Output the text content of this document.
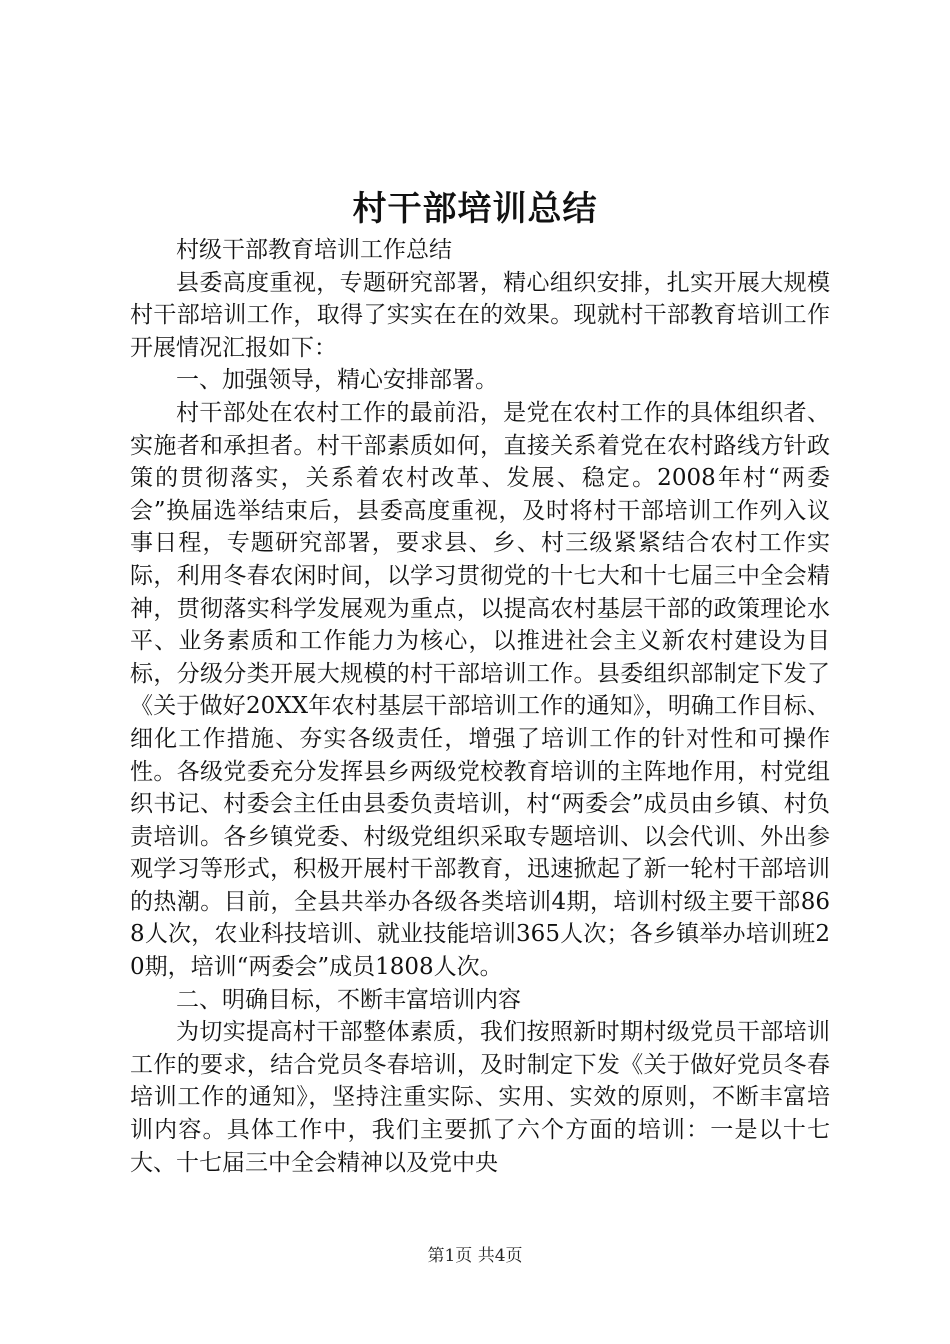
村干部培训总结

村级干部教育培训工作总结

县委高度重视，专题研究部署，精心组织安排，扎实开展大规模村干部培训工作，取得了实实在在的效果。现就村干部教育培训工作开展情况汇报如下：

一、加强领导，精心安排部署。

村干部处在农村工作的最前沿，是党在农村工作的具体组织者、实施者和承担者。村干部素质如何，直接关系着党在农村路线方针政策的贯彻落实，关系着农村改革、发展、稳定。2008年村“两委会”换届选举结束后，县委高度重视，及时将村干部培训工作列入议事日程，专题研究部署，要求县、乡、村三级紧紧结合农村工作实际，利用冬春农闲时间，以学习贯彻党的十七大和十七届三中全会精神，贯彻落实科学发展观为重点，以提高农村基层干部的政策理论水平、业务素质和工作能力为核心，以推进社会主义新农村建设为目标，分级分类开展大规模的村干部培训工作。县委组织部制定下发了《关于做好20XX年农村基层干部培训工作的通知》，明确工作目标、细化工作措施、夯实各级责任，增强了培训工作的针对性和可操作性。各级党委充分发挥县乡两级党校教育培训的主阵地作用，村党组织书记、村委会主任由县委负责培训，村“两委会”成员由乡镇、村负责培训。各乡镇党委、村级党组织采取专题培训、以会代训、外出参观学习等形式，积极开展村干部教育，迅速掀起了新一轮村干部培训的热潮。目前，全县共举办各级各类培训4期，培训村级主要干部868人次，农业科技培训、就业技能培训365人次；各乡镇举办培训班20期，培训“两委会”成员1808人次。

二、明确目标，不断丰富培训内容

为切实提高村干部整体素质，我们按照新时期村级党员干部培训工作的要求，结合党员冬春培训，及时制定下发《关于做好党员冬春培训工作的通知》，坚持注重实际、实用、实效的原则，不断丰富培训内容。具体工作中，我们主要抓了六个方面的培训：一是以十七大、十七届三中全会精神以及党中央

第1页 共4页
